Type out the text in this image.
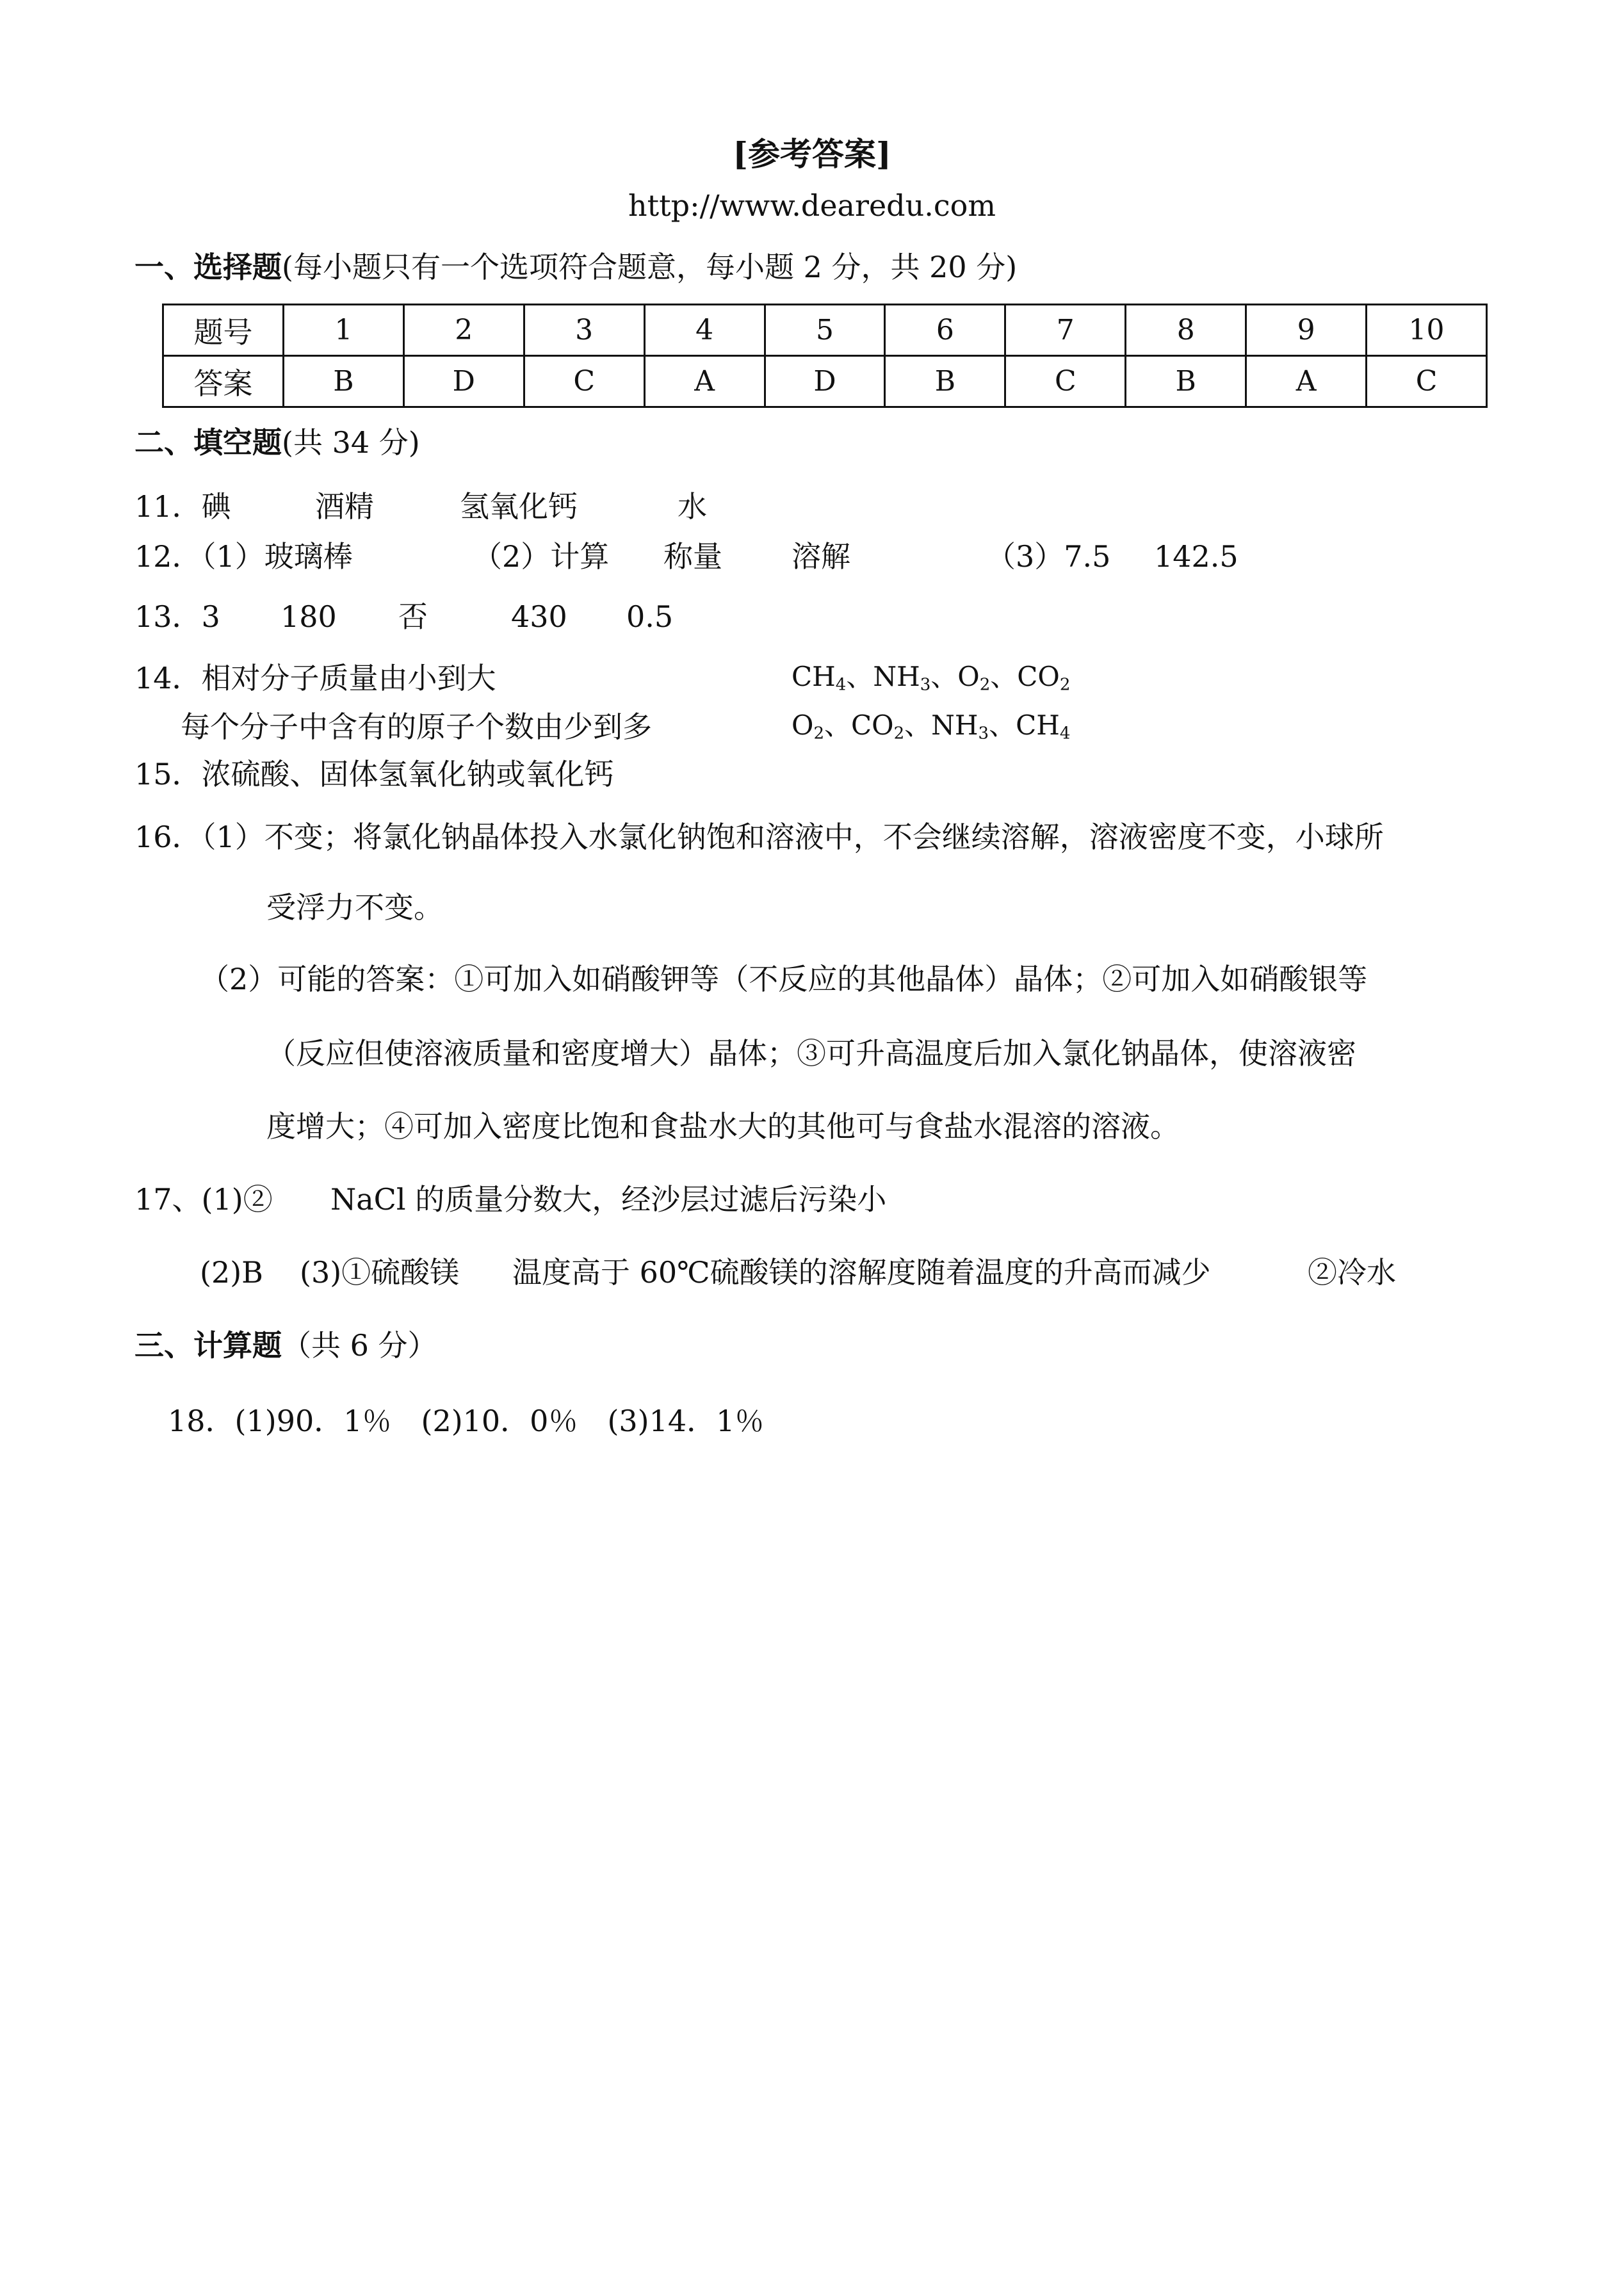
[参考答案]
http://www.dearedu.com
一、选择题(每小题只有一个选项符合题意，每小题 2 分，共 20 分)
题号	1	2	3	4	5	6	7	8	9	10
答案	B	D	C	A	D	B	C	B	A	C
二、填空题(共 34 分)
11．碘	酒精	氢氧化钙	水
12．（1）玻璃棒	（2）计算 称量 溶解	（3）7.5 142.5
13．3 180 否	430 0.5
14．相对分子质量由小到大	$CH_4$、$NH_3$、$O_2$、$CO_2$
每个分子中含有的原子个数由少到多	$O_2$、$CO_2$、$NH_3$、$CH_4$
15．浓硫酸、固体氢氧化钠或氧化钙
16．（1）不变；将氯化钠晶体投入水氯化钠饱和溶液中，不会继续溶解，溶液密度不变，小球所
受浮力不变。
（2）可能的答案：①可加入如硝酸钾等（不反应的其他晶体）晶体；②可加入如硝酸银等
（反应但使溶液质量和密度增大）晶体；③可升高温度后加入氯化钠晶体，使溶液密
度增大；④可加入密度比饱和食盐水大的其他可与食盐水混溶的溶液。
17、(1)② NaCl 的质量分数大，经沙层过滤后污染小
(2)B (3)①硫酸镁 温度高于 60℃硫酸镁的溶解度随着温度的升高而减少	②冷水
三、计算题（共 6 分）
18．(1)90．1％　(2)10．0％　(3)14．1％
